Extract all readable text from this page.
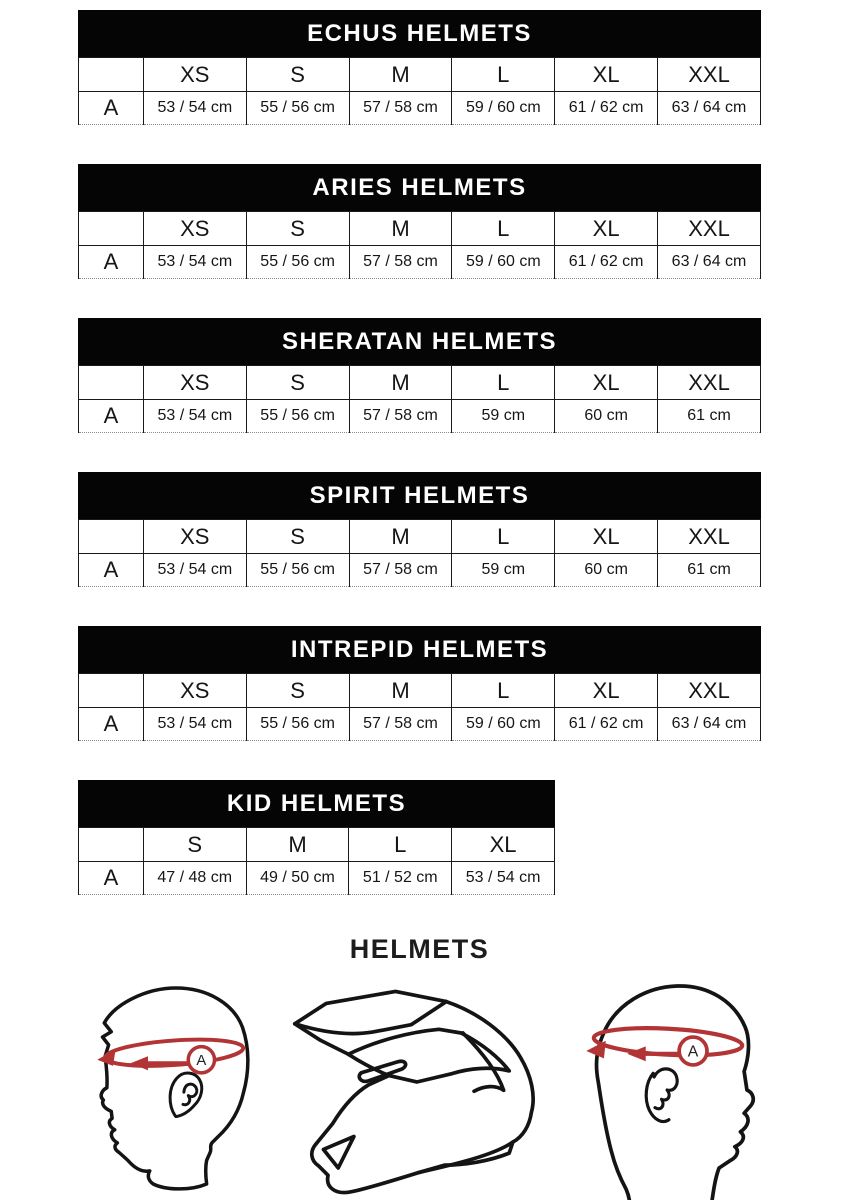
ECHUS HELMETS
	XS	S	M	L	XL	XXL
A	53 / 54 cm	55 / 56 cm	57 / 58 cm	59 / 60 cm	61 / 62 cm	63 / 64 cm
ARIES HELMETS
	XS	S	M	L	XL	XXL
A	53 / 54 cm	55 / 56 cm	57 / 58 cm	59 / 60 cm	61 / 62 cm	63 / 64 cm
SHERATAN HELMETS
	XS	S	M	L	XL	XXL
A	53 / 54 cm	55 / 56 cm	57 / 58 cm	59 cm	60 cm	61 cm
SPIRIT HELMETS
	XS	S	M	L	XL	XXL
A	53 / 54 cm	55 / 56 cm	57 / 58 cm	59 cm	60 cm	61 cm
INTREPID HELMETS
	XS	S	M	L	XL	XXL
A	53 / 54 cm	55 / 56 cm	57 / 58 cm	59 / 60 cm	61 / 62 cm	63 / 64 cm
KID HELMETS
	S	M	L	XL
A	47 / 48 cm	49 / 50 cm	51 / 52 cm	53 / 54 cm
HELMETS
A
A
